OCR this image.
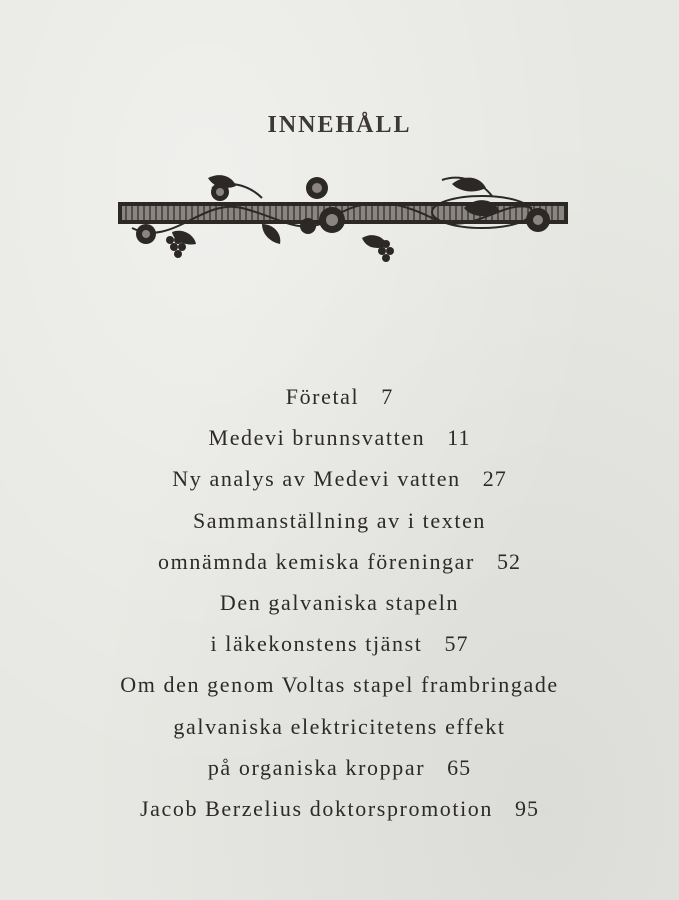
INNEHÅLL
Företal 7
Medevi brunnsvatten 11
Ny analys av Medevi vatten 27
Sammanställning av i texten
omnämnda kemiska föreningar 52
Den galvaniska stapeln
i läkekonstens tjänst 57
Om den genom Voltas stapel frambringade
galvaniska elektricitetens effekt
på organiska kroppar 65
Jacob Berzelius doktorspromotion 95
